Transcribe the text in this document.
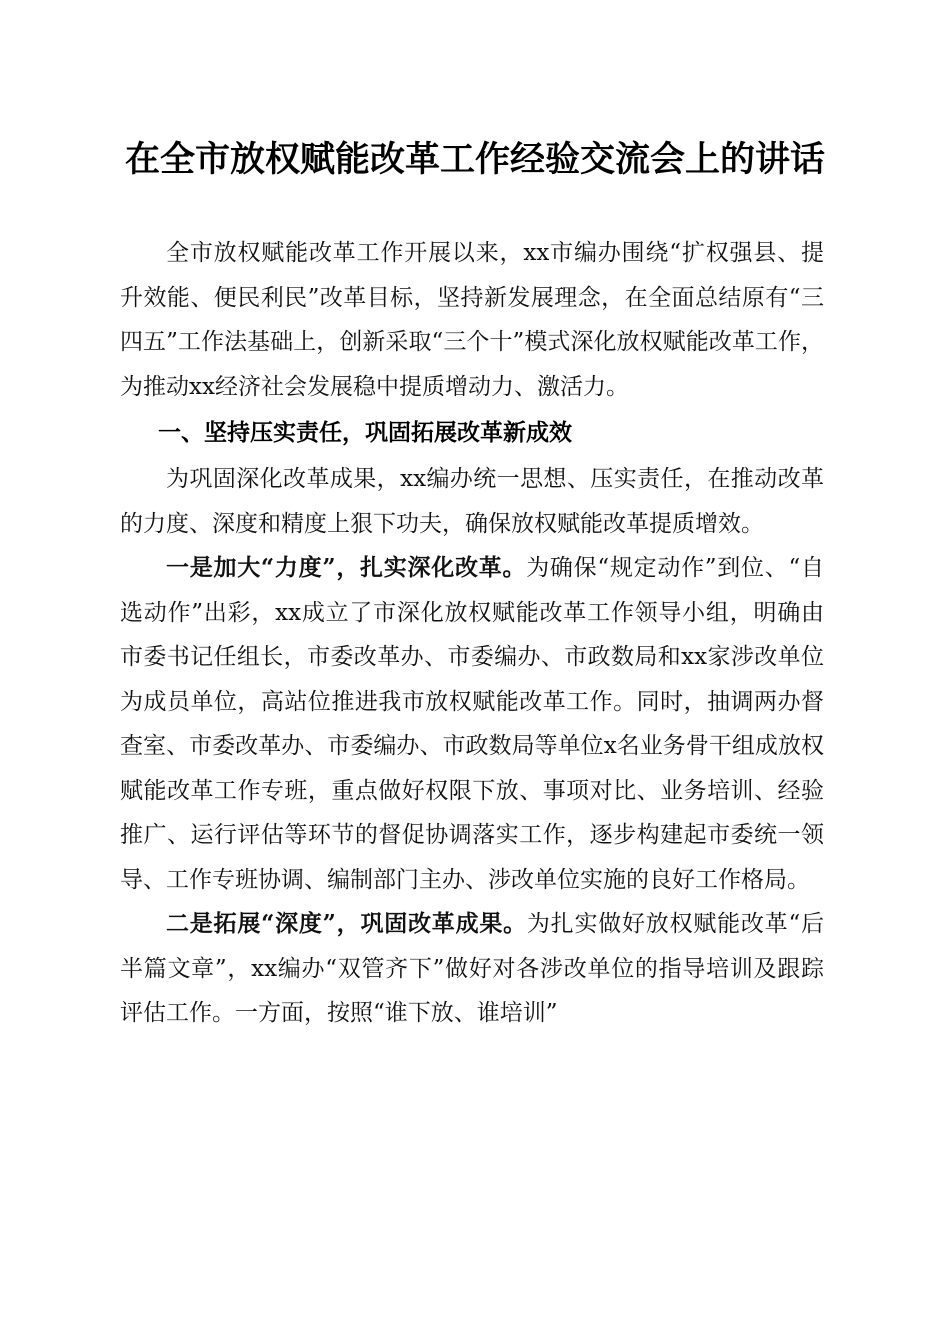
在全市放权赋能改革工作经验交流会上的讲话

全市放权赋能改革工作开展以来，xx市编办围绕“扩权强县、提升效能、便民利民”改革目标，坚持新发展理念，在全面总结原有“三四五”工作法基础上，创新采取“三个十”模式深化放权赋能改革工作，为推动xx经济社会发展稳中提质增动力、激活力。

一、坚持压实责任，巩固拓展改革新成效

为巩固深化改革成果，xx编办统一思想、压实责任，在推动改革的力度、深度和精度上狠下功夫，确保放权赋能改革提质增效。

一是加大“力度”，扎实深化改革。为确保“规定动作”到位、“自选动作”出彩，xx成立了市深化放权赋能改革工作领导小组，明确由市委书记任组长，市委改革办、市委编办、市政数局和xx家涉改单位为成员单位，高站位推进我市放权赋能改革工作。同时，抽调两办督查室、市委改革办、市委编办、市政数局等单位x名业务骨干组成放权赋能改革工作专班，重点做好权限下放、事项对比、业务培训、经验推广、运行评估等环节的督促协调落实工作，逐步构建起市委统一领导、工作专班协调、编制部门主办、涉改单位实施的良好工作格局。

二是拓展“深度”，巩固改革成果。为扎实做好放权赋能改革“后半篇文章”，xx编办“双管齐下”做好对各涉改单位的指导培训及跟踪评估工作。一方面，按照“谁下放、谁培训”
